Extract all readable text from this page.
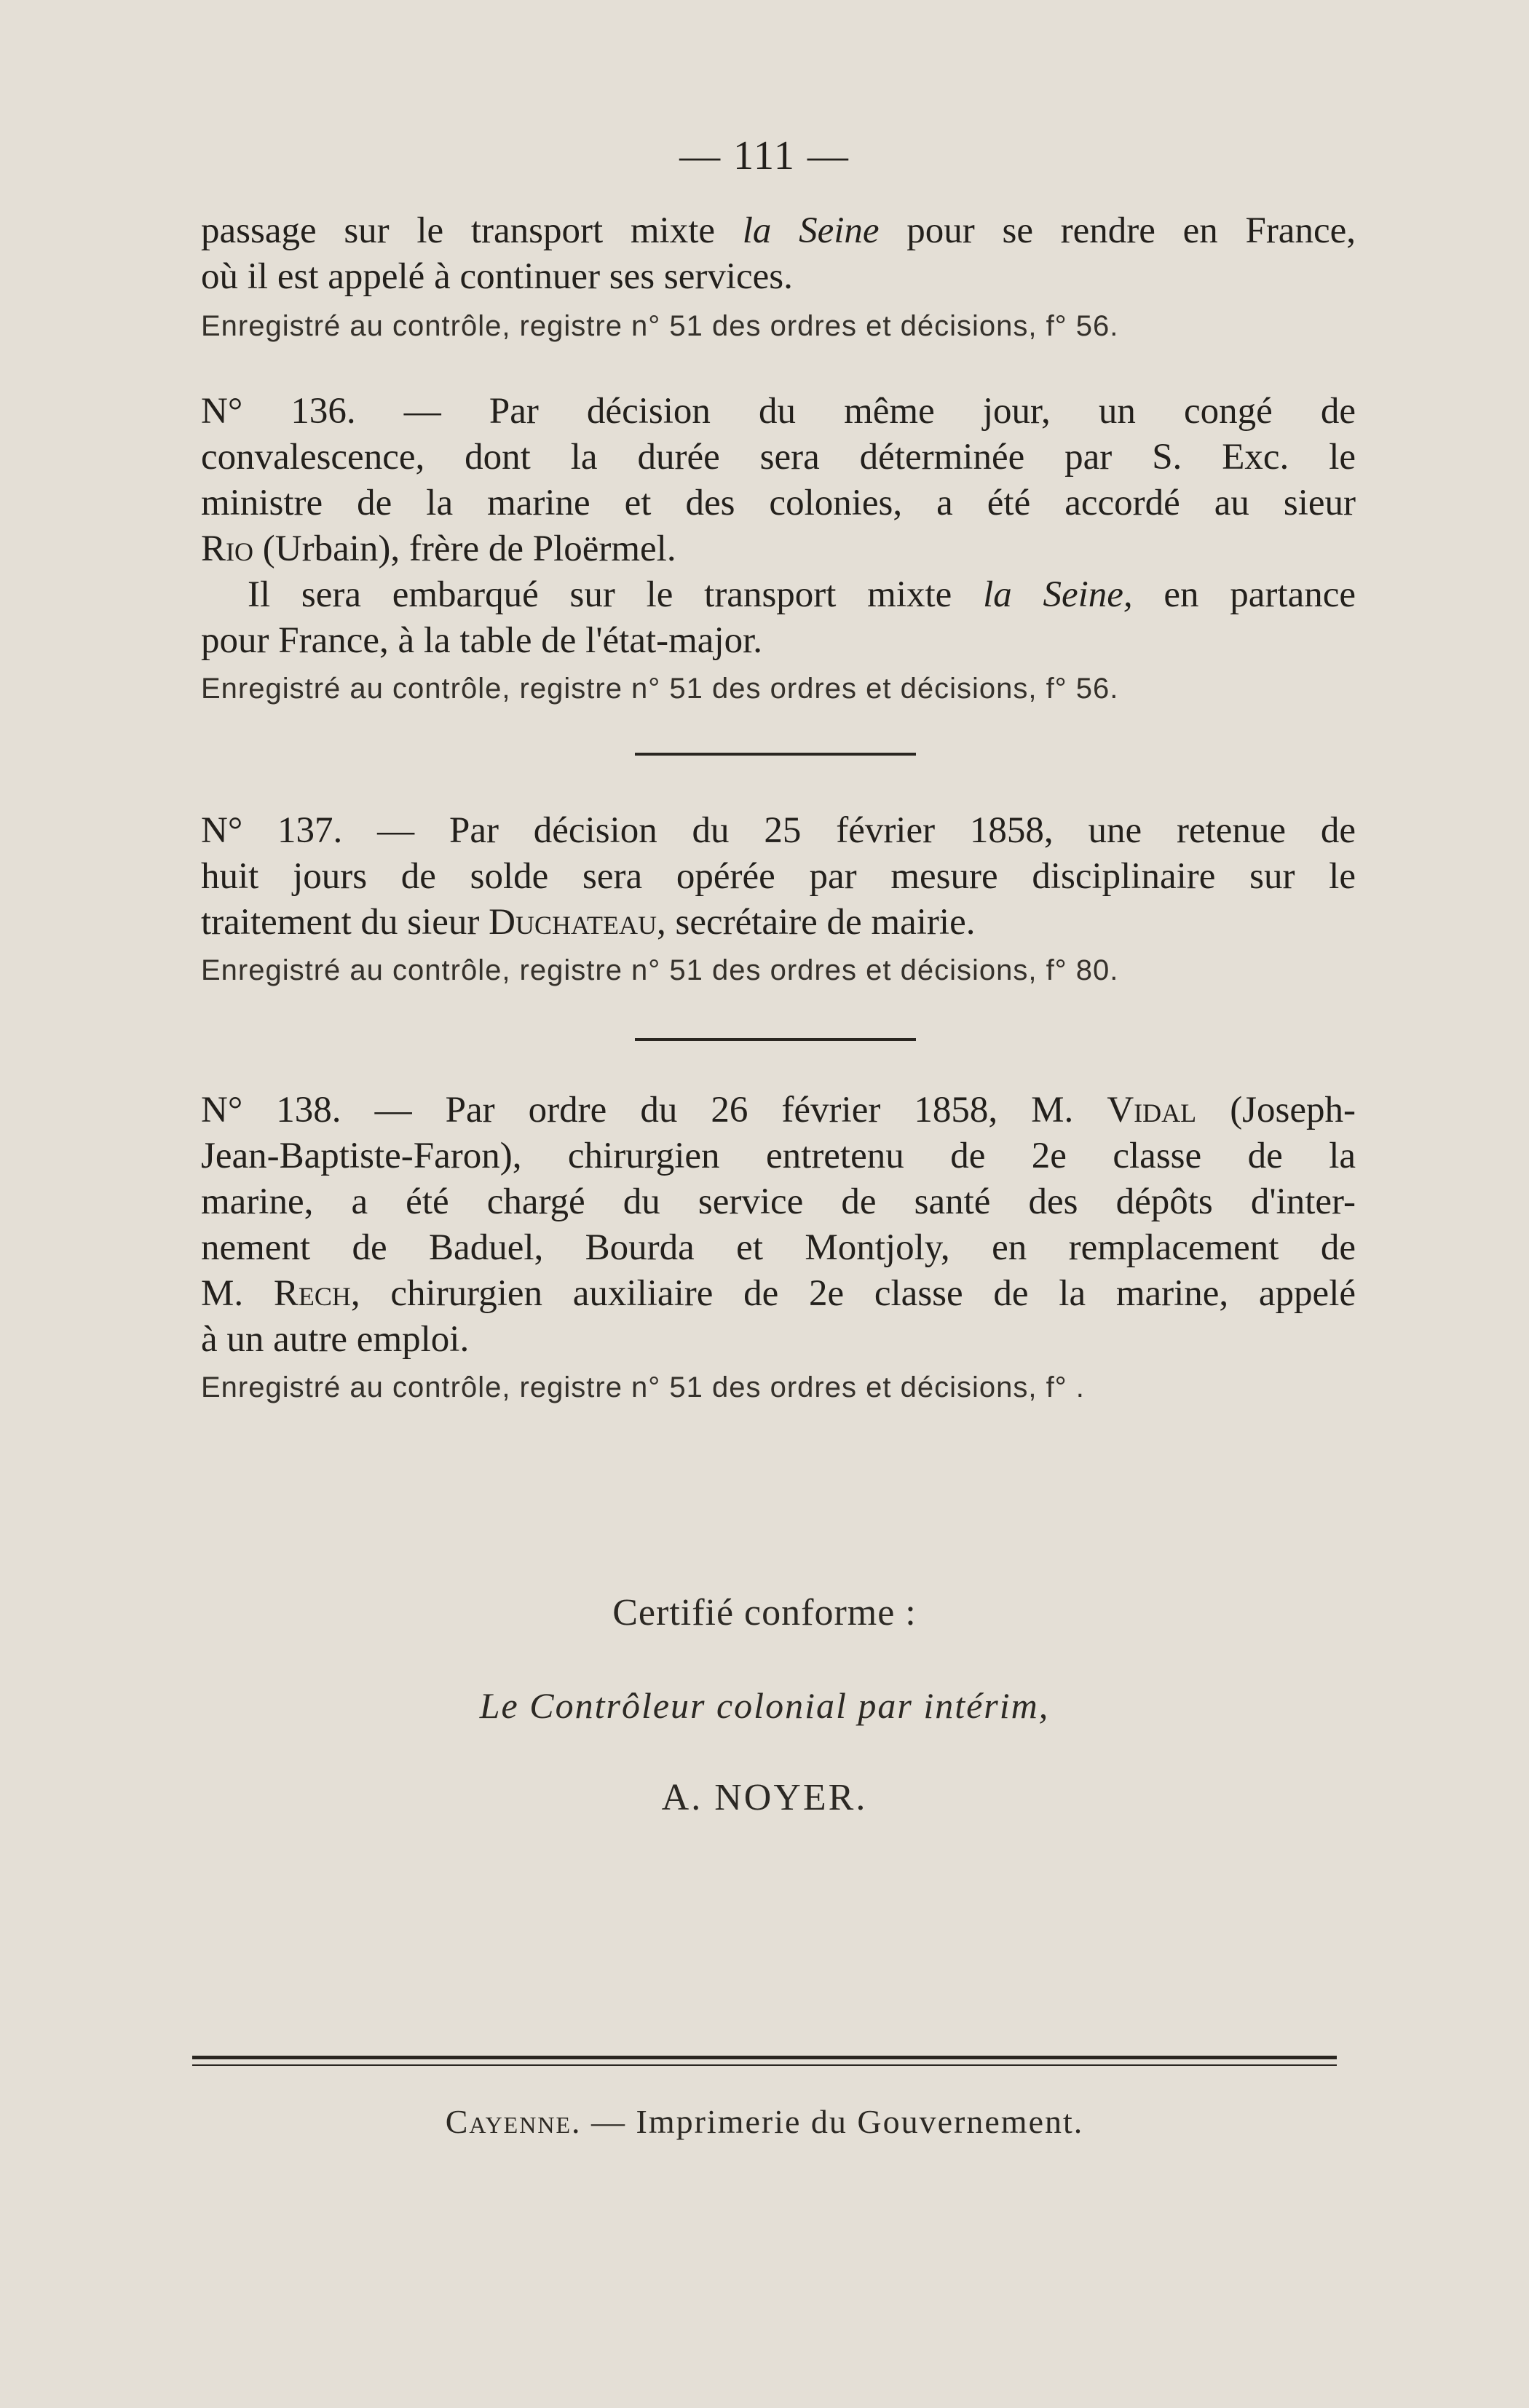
— 111 —
passage sur le transport mixte la Seine pour se rendre en France,
où il est appelé à continuer ses services.
Enregistré au contrôle, registre n° 51 des ordres et décisions, f° 56.
N° 136. — Par décision du même jour, un congé de
convalescence, dont la durée sera déterminée par S. Exc. le
ministre de la marine et des colonies, a été accordé au sieur
Rio (Urbain), frère de Ploërmel.
Il sera embarqué sur le transport mixte la Seine, en partance
pour France, à la table de l'état-major.
Enregistré au contrôle, registre n° 51 des ordres et décisions, f° 56.
N° 137. — Par décision du 25 février 1858, une retenue de
huit jours de solde sera opérée par mesure disciplinaire sur le
traitement du sieur Duchateau, secrétaire de mairie.
Enregistré au contrôle, registre n° 51 des ordres et décisions, f° 80.
N° 138. — Par ordre du 26 février 1858, M. Vidal (Joseph-
Jean-Baptiste-Faron), chirurgien entretenu de 2e classe de la
marine, a été chargé du service de santé des dépôts d'inter-
nement de Baduel, Bourda et Montjoly, en remplacement de
M. Rech, chirurgien auxiliaire de 2e classe de la marine, appelé
à un autre emploi.
Enregistré au contrôle, registre n° 51 des ordres et décisions, f° .
Certifié conforme :
Le Contrôleur colonial par intérim,
A. NOYER.
Cayenne. — Imprimerie du Gouvernement.
